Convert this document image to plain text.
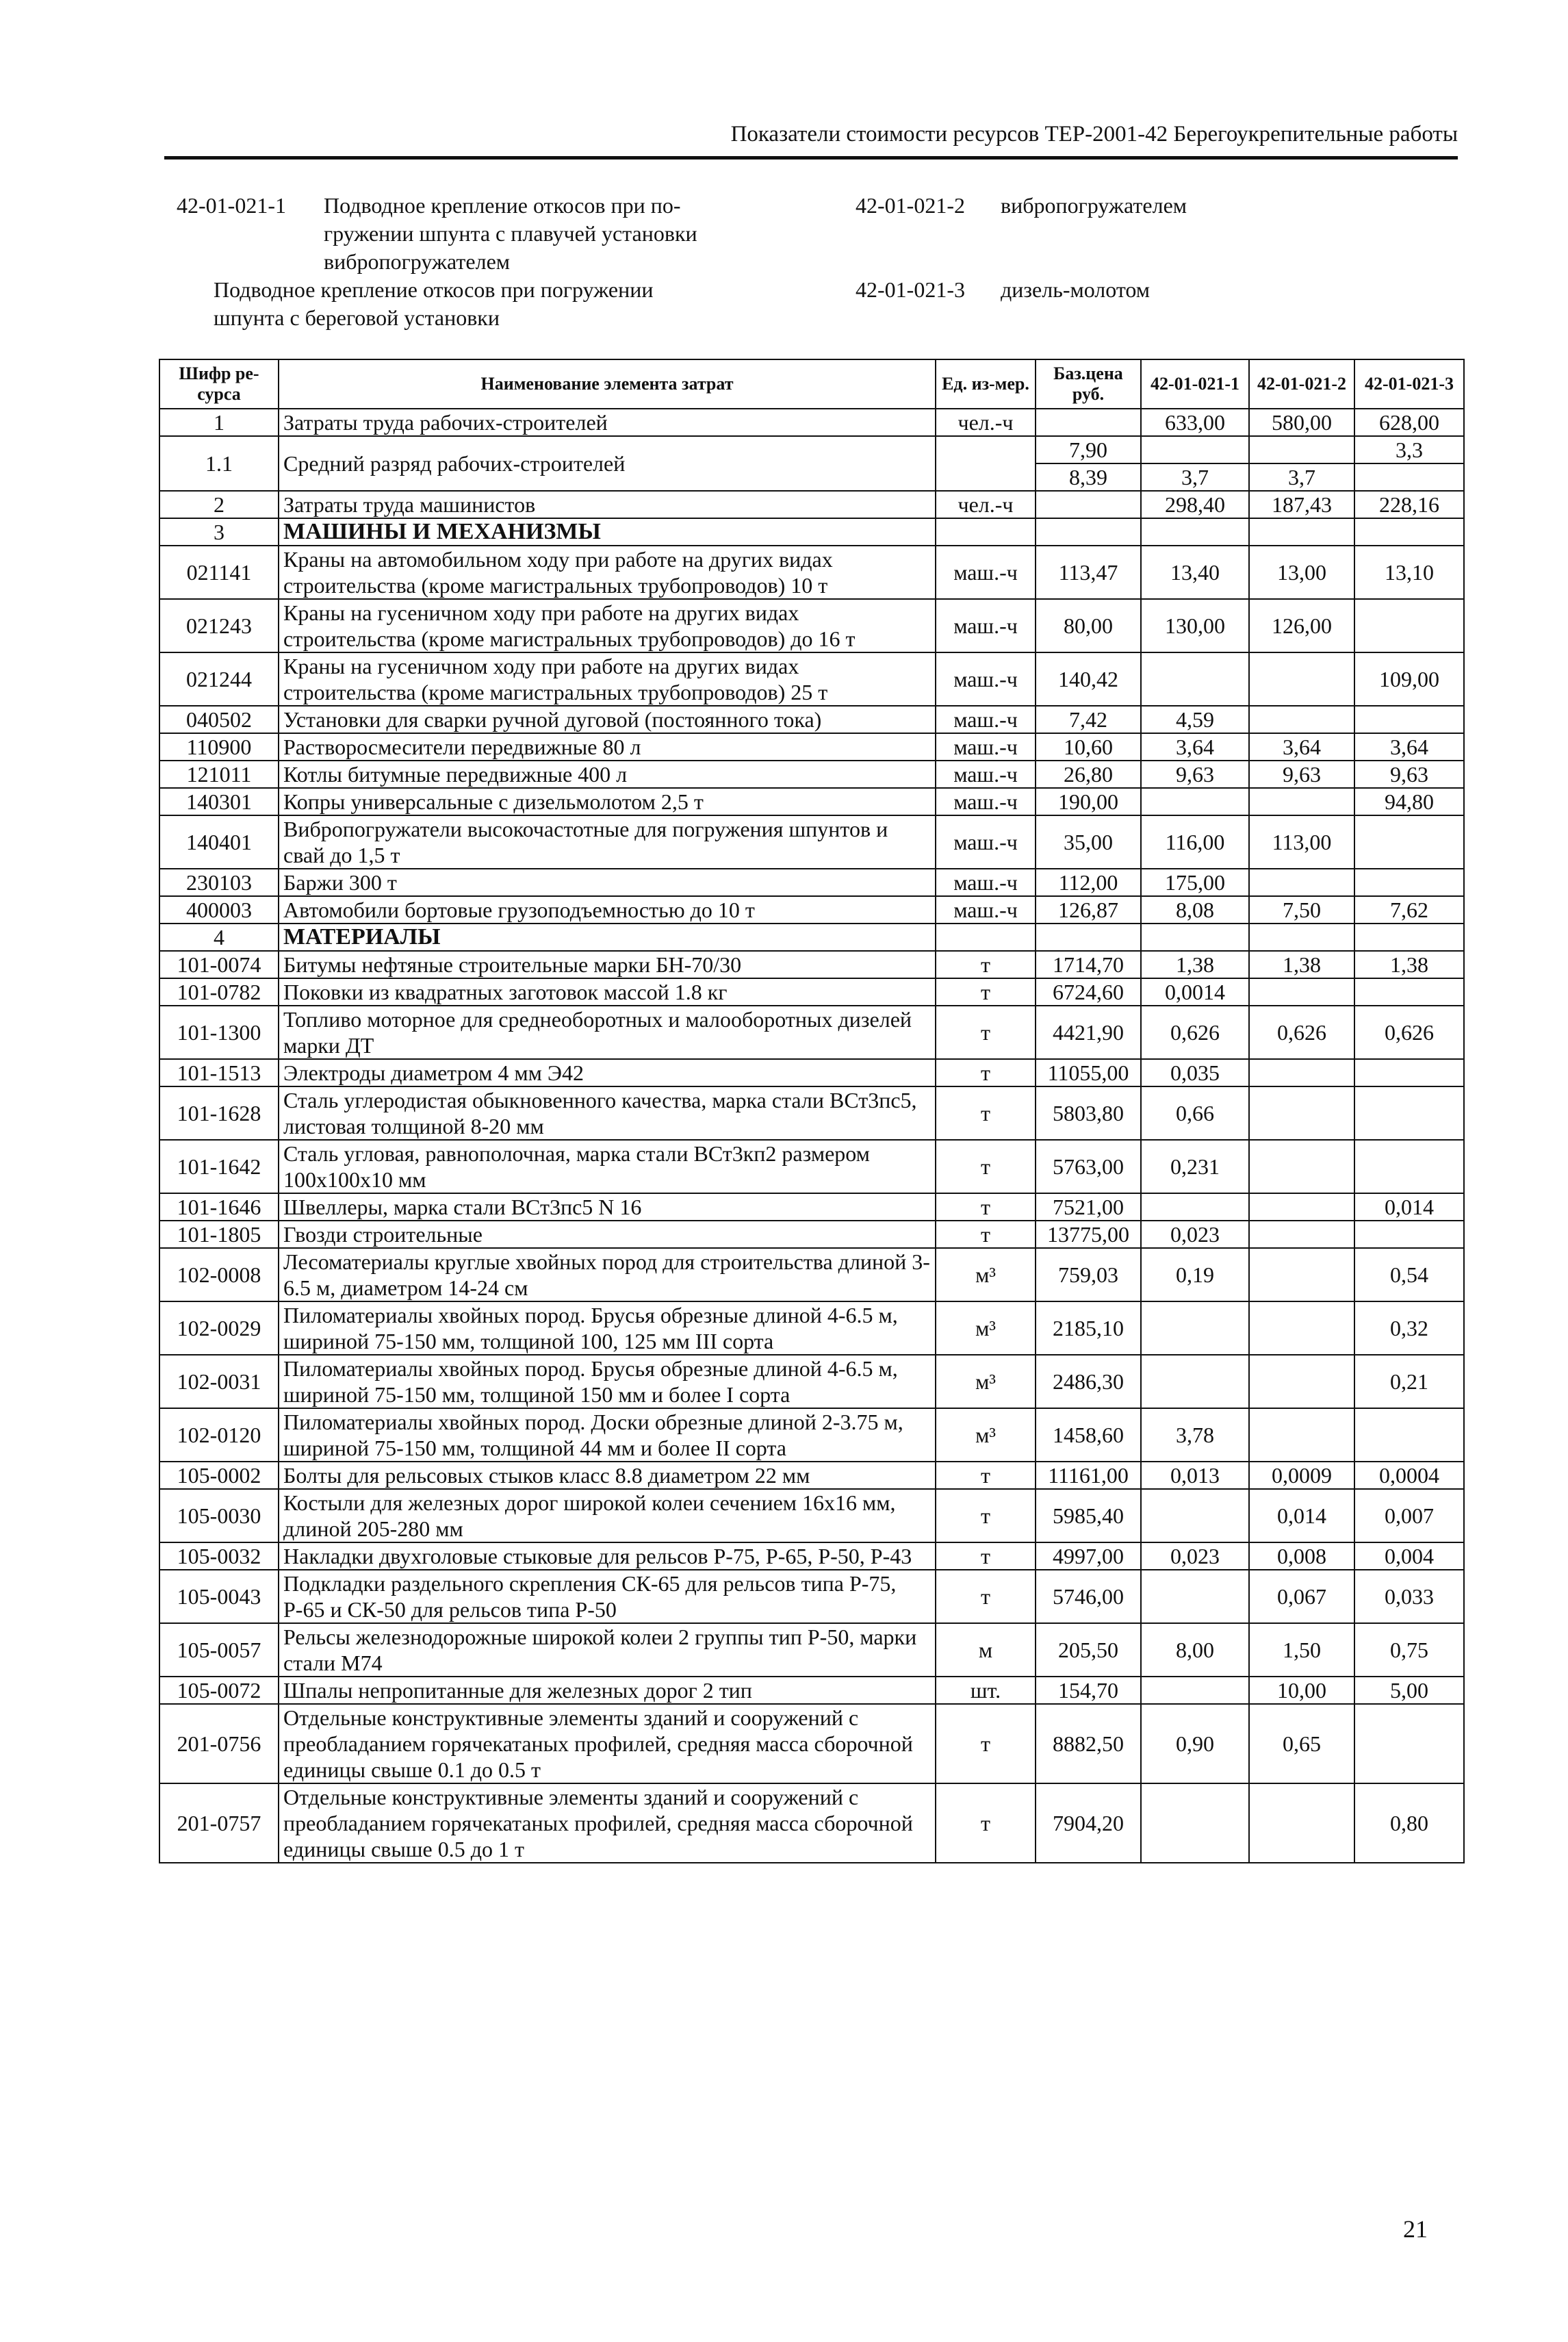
Показатели стоимости ресурсов ТЕР-2001-42 Берегоукрепительные работы
42-01-021-1 Подводное крепление откосов при по-
гружении шпунта с плавучей установки
вибропогружателем
Подводное крепление откосов при погружении
шпунта с береговой установки
42-01-021-2 вибропогружателем
42-01-021-3 дизель-молотом
Шифр ре-сурса	Наименование элемента затрат	Ед. из-мер.	Баз.цена руб.	42-01-021-1	42-01-021-2	42-01-021-3
1	Затраты труда рабочих-строителей	чел.-ч		633,00	580,00	628,00
1.1	Средний разряд рабочих-строителей		7,90			3,3
			8,39	3,7	3,7	
2	Затраты труда машинистов	чел.-ч		298,40	187,43	228,16
3	МАШИНЫ И МЕХАНИЗМЫ					
021141	Краны на автомобильном ходу при работе на других видах строительства (кроме магистральных трубопроводов) 10 т	маш.-ч	113,47	13,40	13,00	13,10
021243	Краны на гусеничном ходу при работе на других видах строительства (кроме магистральных трубопроводов) до 16 т	маш.-ч	80,00	130,00	126,00	
021244	Краны на гусеничном ходу при работе на других видах строительства (кроме магистральных трубопроводов) 25 т	маш.-ч	140,42			109,00
040502	Установки для сварки ручной дуговой (постоянного тока)	маш.-ч	7,42	4,59		
110900	Растворосмесители передвижные 80 л	маш.-ч	10,60	3,64	3,64	3,64
121011	Котлы битумные передвижные 400 л	маш.-ч	26,80	9,63	9,63	9,63
140301	Копры универсальные с дизельмолотом 2,5 т	маш.-ч	190,00			94,80
140401	Вибропогружатели высокочастотные для погружения шпунтов и свай до 1,5 т	маш.-ч	35,00	116,00	113,00	
230103	Баржи 300 т	маш.-ч	112,00	175,00		
400003	Автомобили бортовые грузоподъемностью до 10 т	маш.-ч	126,87	8,08	7,50	7,62
4	МАТЕРИАЛЫ					
101-0074	Битумы нефтяные строительные марки БН-70/30	т	1714,70	1,38	1,38	1,38
101-0782	Поковки из квадратных заготовок массой 1.8 кг	т	6724,60	0,0014		
101-1300	Топливо моторное для среднеоборотных и малооборотных дизелей марки ДТ	т	4421,90	0,626	0,626	0,626
101-1513	Электроды диаметром 4 мм Э42	т	11055,00	0,035		
101-1628	Сталь углеродистая обыкновенного качества, марка стали ВСт3пс5, листовая толщиной 8-20 мм	т	5803,80	0,66		
101-1642	Сталь угловая, равнополочная, марка стали ВСт3кп2 размером 100х100х10 мм	т	5763,00	0,231		
101-1646	Швеллеры, марка стали ВСт3пс5 N 16	т	7521,00			0,014
101-1805	Гвозди строительные	т	13775,00	0,023		
102-0008	Лесоматериалы круглые хвойных пород для строительства длиной 3-6.5 м, диаметром 14-24 см	м³	759,03	0,19		0,54
102-0029	Пиломатериалы хвойных пород. Брусья обрезные длиной 4-6.5 м, шириной 75-150 мм, толщиной 100, 125 мм III сорта	м³	2185,10			0,32
102-0031	Пиломатериалы хвойных пород. Брусья обрезные длиной 4-6.5 м, шириной 75-150 мм, толщиной 150 мм и более I сорта	м³	2486,30			0,21
102-0120	Пиломатериалы хвойных пород. Доски обрезные длиной 2-3.75 м, шириной 75-150 мм, толщиной 44 мм и более II сорта	м³	1458,60	3,78		
105-0002	Болты для рельсовых стыков класс 8.8 диаметром 22 мм	т	11161,00	0,013	0,0009	0,0004
105-0030	Костыли для железных дорог широкой колеи сечением 16х16 мм, длиной 205-280 мм	т	5985,40		0,014	0,007
105-0032	Накладки двухголовые стыковые для рельсов Р-75, Р-65, Р-50, Р-43	т	4997,00	0,023	0,008	0,004
105-0043	Подкладки раздельного скрепления СК-65 для рельсов типа Р-75, Р-65 и СК-50 для рельсов типа Р-50	т	5746,00		0,067	0,033
105-0057	Рельсы железнодорожные широкой колеи 2 группы тип Р-50, марки стали М74	м	205,50	8,00	1,50	0,75
105-0072	Шпалы непропитанные для железных дорог 2 тип	шт.	154,70		10,00	5,00
201-0756	Отдельные конструктивные элементы зданий и сооружений с преобладанием горячекатаных профилей, средняя масса сборочной единицы свыше 0.1 до 0.5 т	т	8882,50	0,90	0,65	
201-0757	Отдельные конструктивные элементы зданий и сооружений с преобладанием горячекатаных профилей, средняя масса сборочной единицы свыше 0.5 до 1 т	т	7904,20			0,80
21
